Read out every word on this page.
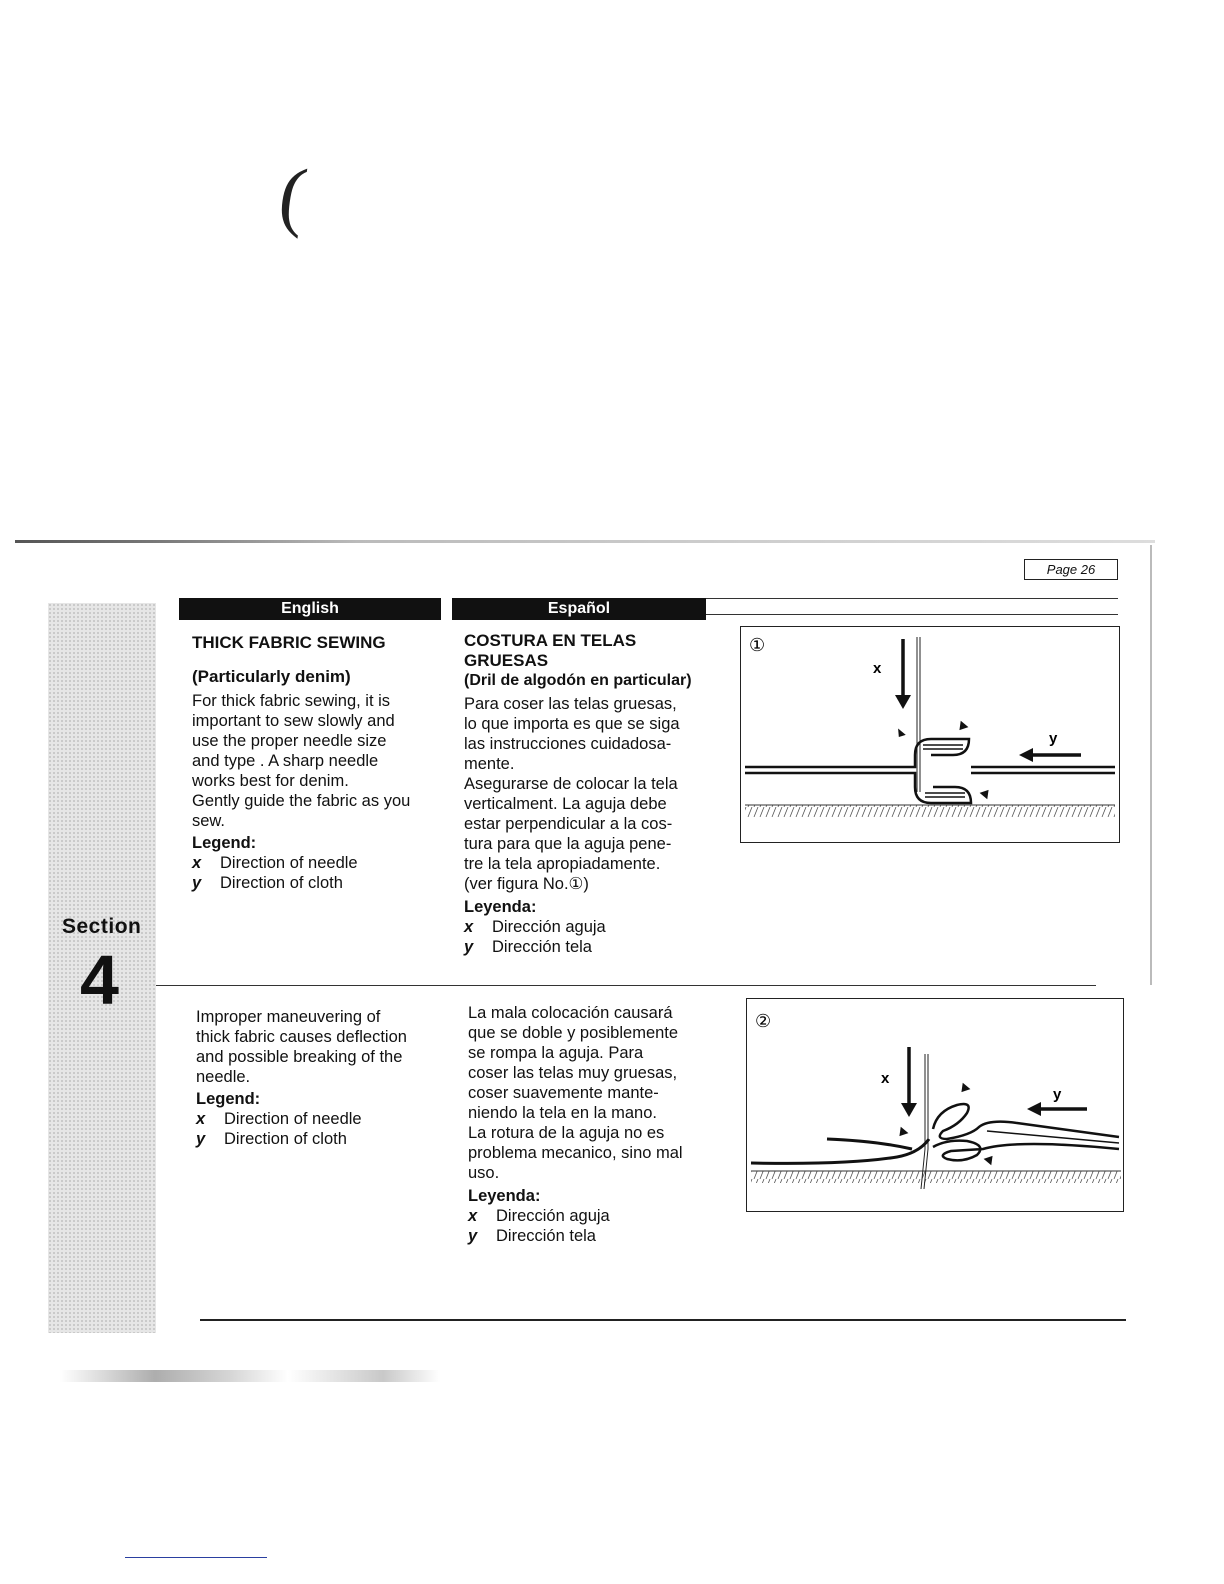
(
Section
4
Page 26
English	Español
THICK FABRIC SEWING
(Particularly denim)
For thick fabric sewing, it is
important to sew slowly and
use the proper needle size
and type . A sharp needle
works best for denim.
Gently guide the fabric as you
sew.
Legend:
x	Direction of needle
y	Direction of cloth
COSTURA EN TELAS
GRUESAS
(Dril de algodón en particular)
Para coser las telas gruesas,
lo que importa es que se siga
las instrucciones cuidadosa-
mente.
Asegurarse de colocar la tela
verticalment. La aguja debe
estar perpendicular a la cos-
tura para que la aguja pene-
tre la tela apropiadamente.
(ver figura No.①)
Leyenda:
x	Dirección aguja
y	Dirección tela
①
x
y
Improper maneuvering of
thick fabric causes deflection
and possible breaking of the
needle.
Legend:
x	Direction of needle
y	Direction of cloth
La mala colocación causará
que se doble y posiblemente
se rompa la aguja. Para
coser las telas muy gruesas,
coser suavemente mante-
niendo la tela en la mano.
La rotura de la aguja no es
problema mecanico, sino mal
uso.
Leyenda:
x	Dirección aguja
y	Dirección tela
②
x
y
